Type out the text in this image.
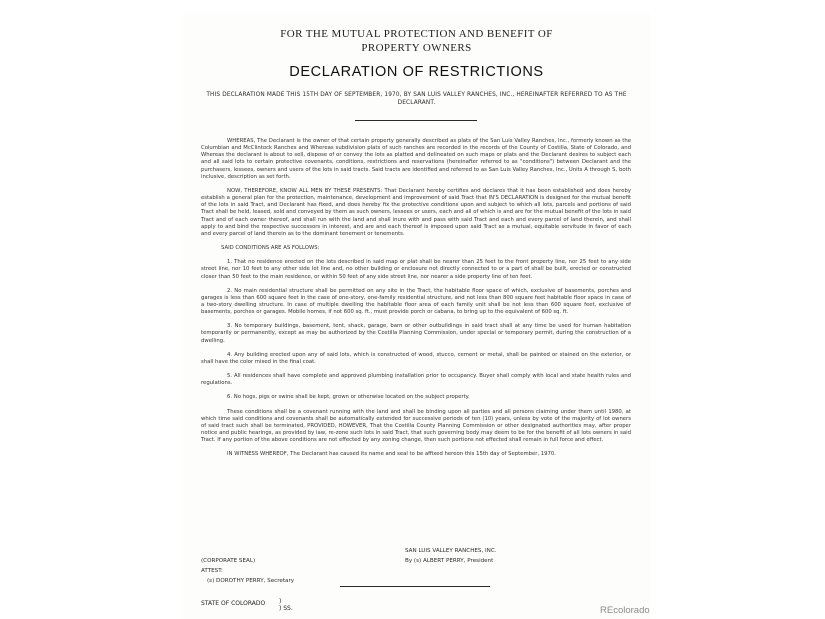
FOR THE MUTUAL PROTECTION AND BENEFIT OF
PROPERTY OWNERS
DECLARATION OF RESTRICTIONS
THIS DECLARATION MADE THIS 15TH DAY OF SEPTEMBER, 1970, BY SAN LUIS VALLEY RANCHES, INC., HEREINAFTER REFERRED TO AS THE DECLARANT.

WHEREAS, The Declarant is the owner of that certain property generally described as plats of the San Luis Valley Ranches, Inc., formerly known as the Columbian and McClintock Ranches and Whereas subdivision plats of such ranches are recorded in the records of the County of Costilla, State of Colorado, and Whereas the declarant is about to sell, dispose of or convey the lots as platted and delineated on such maps or plats and the Declarant desires to subject each and all said lots to certain protective covenants, conditions, restrictions and reservations (hereinafter referred to as "conditions") between Declarant and the purchasers, lessees, owners and users of the lots in said tracts. Said tracts are identified and referred to as San Luis Valley Ranches, Inc., Units A through S, both inclusive, description as set forth.

NOW, THEREFORE, KNOW ALL MEN BY THESE PRESENTS: That Declarant hereby certifies and declares that it has been established and does hereby establish a general plan for the protection, maintenance, development and improvement of said Tract that IN'S DECLARATION is designed for the mutual benefit of the lots in said Tract, and Declarant has fixed, and does hereby fix the protective conditions upon and subject to which all lots, parcels and portions of said Tract shall be held, leased, sold and conveyed by them as such owners, lessees or users, each and all of which is and are for the mutual benefit of the lots in said Tract and of each owner thereof, and shall run with the land and shall inure with and pass with said Tract and each and every parcel of land therein, and shall apply to and bind the respective successors in interest, and are and each thereof is imposed upon said Tract as a mutual, equitable servitude in favor of each and every parcel of land therein as to the dominant tenement or tenements.

SAID CONDITIONS ARE AS FOLLOWS:

1. That no residence erected on the lots described in said map or plat shall be nearer than 25 feet to the front property line, nor 25 feet to any side street line, nor 10 feet to any other side lot line and, no other building or enclosure not directly connected to or a part of shall be built, erected or constructed closer than 50 feet to the main residence, or within 50 feet of any side street line, nor nearer a side property line of ten feet.

2. No main residential structure shall be permitted on any site in the Tract, the habitable floor space of which, exclusive of basements, porches and garages is less than 600 square feet in the case of one-story, one-family residential structure, and not less than 800 square feet habitable floor space in case of a two-story dwelling structure. In case of multiple dwelling the habitable floor area of each family unit shall be not less than 600 square feet, exclusive of basements, porches or garages. Mobile homes, if not 600 sq. ft., must provide porch or cabana, to bring up to the equivalent of 600 sq. ft.

3. No temporary buildings, basement, tent, shack, garage, barn or other outbuildings in said tract shall at any time be used for human habitation temporarily or permanently, except as may be authorized by the Costilla Planning Commission, under special or temporary permit, during the construction of a dwelling.

4. Any building erected upon any of said lots, which is constructed of wood, stucco, cement or metal, shall be painted or stained on the exterior, or shall have the color mixed in the final coat.

5. All residences shall have complete and approved plumbing installation prior to occupancy. Buyer shall comply with local and state health rules and regulations.

6. No hogs, pigs or swine shall be kept, grown or otherwise located on the subject property.

These conditions shall be a covenant running with the land and shall be binding upon all parties and all persons claiming under them until 1980, at which time said conditions and covenants shall be automatically extended for successive periods of ten (10) years, unless by vote of the majority of lot owners of said tract such shall be terminated, PROVIDED, HOWEVER, That the Costilla County Planning Commission or other designated authorities may, after proper notice and public hearings, as provided by law, re-zone such lots in said Tract, that such governing body may deem to be for the benefit of all lots owners in said Tract. If any portion of the above conditions are not effected by any zoning change, then such portions not effected shall remain in full force and effect.

IN WITNESS WHEREOF, The Declarant has caused its name and seal to be affixed hereon this 15th day of September, 1970.

SAN LUIS VALLEY RANCHES, INC.
By (s) ALBERT PERRY, President
(CORPORATE SEAL)
ATTEST:
(s) DOROTHY PERRY, Secretary
STATE OF COLORADO )
) SS.	REcolorado
